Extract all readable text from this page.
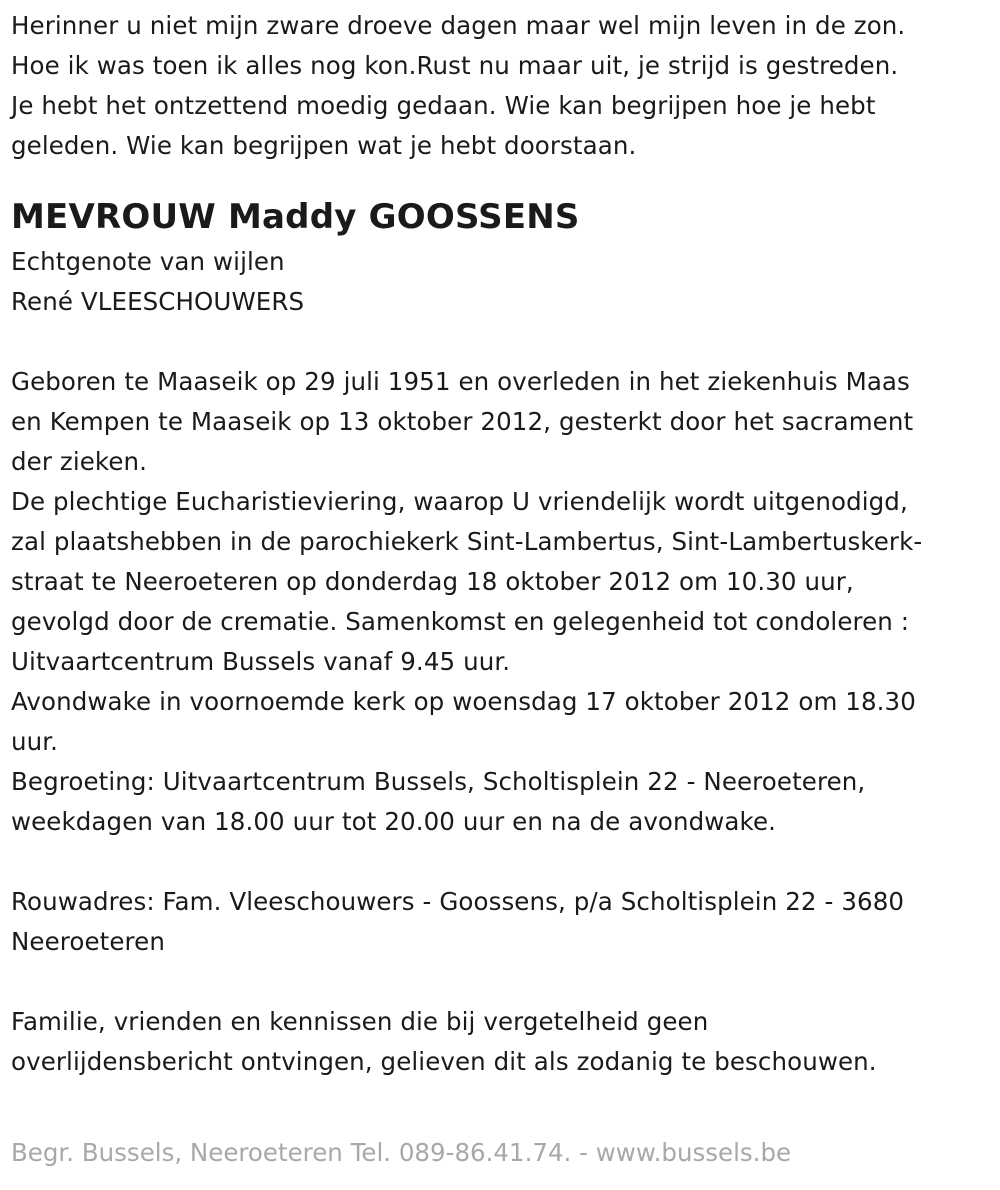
Herinner u niet mijn zware droeve dagen maar wel mijn leven in de zon.
Hoe ik was toen ik alles nog kon.Rust nu maar uit, je strijd is gestreden.
Je hebt het ontzettend moedig gedaan. Wie kan begrijpen hoe je hebt
geleden. Wie kan begrijpen wat je hebt doorstaan.
MEVROUW Maddy GOOSSENS
Echtgenote van wijlen
René VLEESCHOUWERS
Geboren te Maaseik op 29 juli 1951 en overleden in het ziekenhuis Maas
en Kempen te Maaseik op 13 oktober 2012, gesterkt door het sacrament
der zieken.
De plechtige Eucharistieviering, waarop U vriendelijk wordt uitgenodigd,
zal plaatshebben in de parochiekerk Sint-Lambertus, Sint-Lambertuskerk-
straat te Neeroeteren op donderdag 18 oktober 2012 om 10.30 uur,
gevolgd door de crematie. Samenkomst en gelegenheid tot condoleren :
Uitvaartcentrum Bussels vanaf 9.45 uur.
Avondwake in voornoemde kerk op woensdag 17 oktober 2012 om 18.30
uur.
Begroeting: Uitvaartcentrum Bussels, Scholtisplein 22 - Neeroeteren,
weekdagen van 18.00 uur tot 20.00 uur en na de avondwake.
Rouwadres: Fam. Vleeschouwers - Goossens, p/a Scholtisplein 22 - 3680
Neeroeteren
Familie, vrienden en kennissen die bij vergetelheid geen
overlijdensbericht ontvingen, gelieven dit als zodanig te beschouwen.
Begr. Bussels, Neeroeteren Tel. 089-86.41.74. - www.bussels.be
